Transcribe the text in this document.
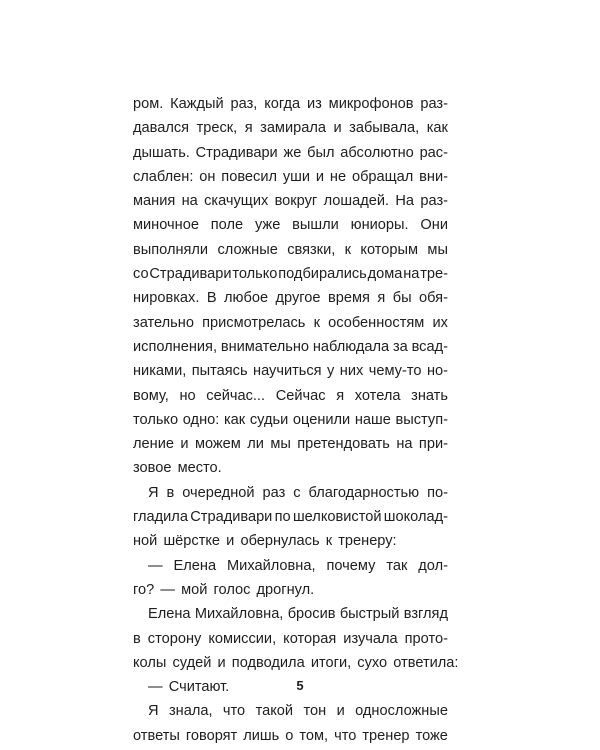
ром. Каждый раз, когда из микрофонов раз-
давался треск, я замирала и забывала, как
дышать. Страдивари же был абсолютно рас-
слаблен: он повесил уши и не обращал вни-
мания на скачущих вокруг лошадей. На раз-
миночное поле уже вышли юниоры. Они
выполняли сложные связки, к которым мы
со Страдивари только подбирались дома на тре-
нировках. В любое другое время я бы обя-
зательно присмотрелась к особенностям их
исполнения, внимательно наблюдала за всад-
никами, пытаясь научиться у них чему-то но-
вому, но сейчас... Сейчас я хотела знать
только одно: как судьи оценили наше выступ-
ление и можем ли мы претендовать на при-
зовое место.
Я в очередной раз с благодарностью по-
гладила Страдивари по шелковистой шоколад-
ной шёрстке и обернулась к тренеру:
— Елена Михайловна, почему так дол-
го? — мой голос дрогнул.
Елена Михайловна, бросив быстрый взгляд
в сторону комиссии, которая изучала прото-
колы судей и подводила итоги, сухо ответила:
— Считают.
Я знала, что такой тон и односложные
ответы говорят лишь о том, что тренер тоже
5
